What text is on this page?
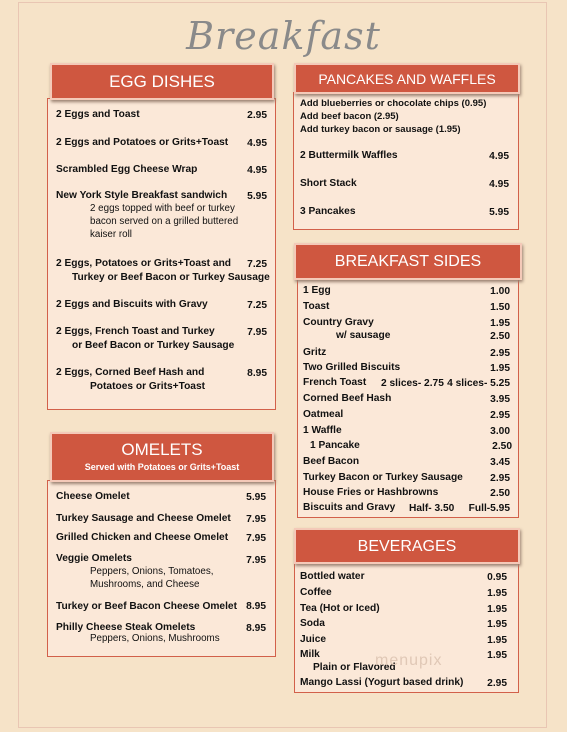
Breakfast
EGG DISHES
2 Eggs and Toast	2.95
2 Eggs and Potatoes or Grits+Toast	4.95
Scrambled Egg Cheese Wrap	4.95
New York Style Breakfast sandwich	5.95
2 eggs topped with beef or turkey
bacon served on a grilled buttered
kaiser roll
2 Eggs, Potatoes or Grits+Toast and	7.25
Turkey or Beef Bacon or Turkey Sausage
2 Eggs and Biscuits with Gravy	7.25
2 Eggs, French Toast and Turkey	7.95
or Beef Bacon or Turkey Sausage
2 Eggs, Corned Beef Hash and	8.95
Potatoes or Grits+Toast
OMELETS
Served with Potatoes or Grits+Toast
Cheese Omelet	5.95
Turkey Sausage and Cheese Omelet	7.95
Grilled Chicken and Cheese Omelet	7.95
Veggie Omelets	7.95
Peppers, Onions, Tomatoes,
Mushrooms, and Cheese
Turkey or Beef Bacon Cheese Omelet 8.95
Philly Cheese Steak Omelets	8.95
Peppers, Onions, Mushrooms
PANCAKES AND WAFFLES
Add blueberries or chocolate chips (0.95)
Add beef bacon (2.95)
Add turkey bacon or sausage (1.95)
2 Buttermilk Waffles	4.95
Short Stack	4.95
3 Pancakes	5.95
BREAKFAST SIDES
1 Egg	1.00
Toast	1.50
Country Gravy	1.95
w/ sausage	2.50
Gritz	2.95
Two Grilled Biscuits	1.95
French Toast 2 slices- 2.75 4 slices- 5.25
Corned Beef Hash	3.95
Oatmeal	2.95
1 Waffle	3.00
1 Pancake	2.50
Beef Bacon	3.45
Turkey Bacon or Turkey Sausage	2.95
House Fries or Hashbrowns	2.50
Biscuits and Gravy Half- 3.50	Full-5.95
BEVERAGES
Bottled water	0.95
Coffee	1.95
Tea (Hot or Iced)	1.95
Soda	1.95
Juice	1.95
Milk	1.95
Plain or Flavored
Mango Lassi (Yogurt based drink)	2.95
menupix
